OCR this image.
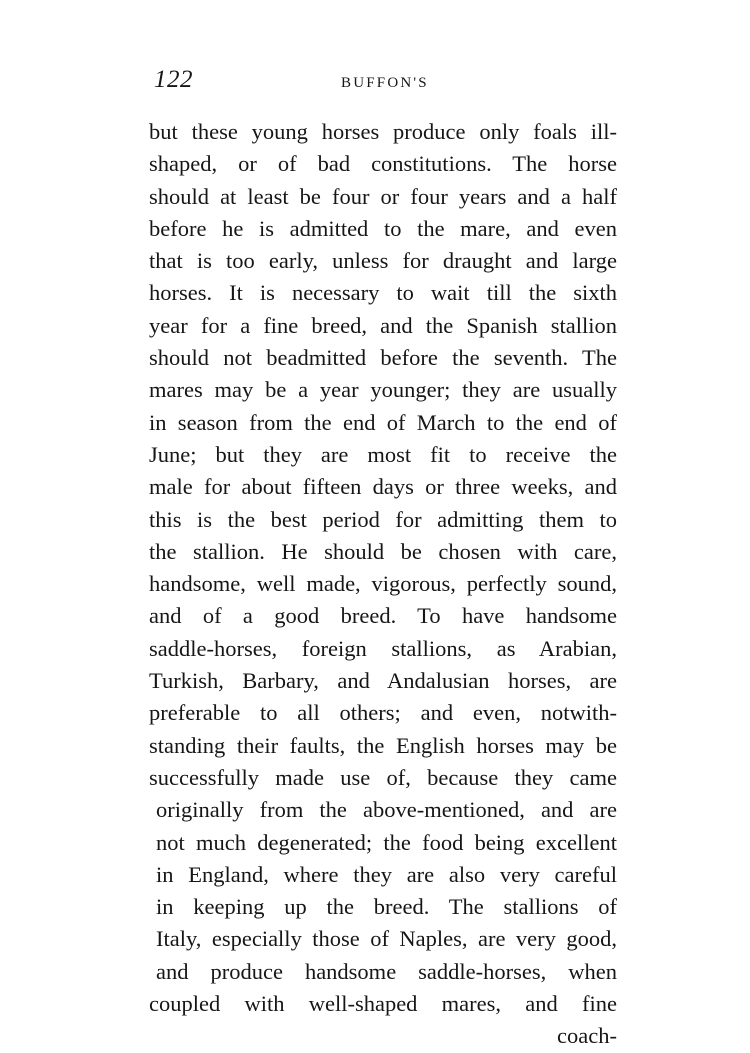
122	BUFFON'S
but these young horses produce only foals ill-
shaped, or of bad constitutions. The horse
should at least be four or four years and a half
before he is admitted to the mare, and even
that is too early, unless for draught and large
horses. It is necessary to wait till the sixth
year for a fine breed, and the Spanish stallion
should not beadmitted before the seventh. The
mares may be a year younger; they are usually
in season from the end of March to the end of
June; but they are most fit to receive the
male for about fifteen days or three weeks, and
this is the best period for admitting them to
the stallion. He should be chosen with care,
handsome, well made, vigorous, perfectly sound,
and of a good breed. To have handsome
saddle-horses, foreign stallions, as Arabian,
Turkish, Barbary, and Andalusian horses, are
preferable to all others; and even, notwith-
standing their faults, the English horses may be
successfully made use of, because they came
originally from the above-mentioned, and are
not much degenerated; the food being excellent
in England, where they are also very careful
in keeping up the breed. The stallions of
Italy, especially those of Naples, are very good,
and produce handsome saddle-horses, when
coupled with well-shaped mares, and fine
coach-
